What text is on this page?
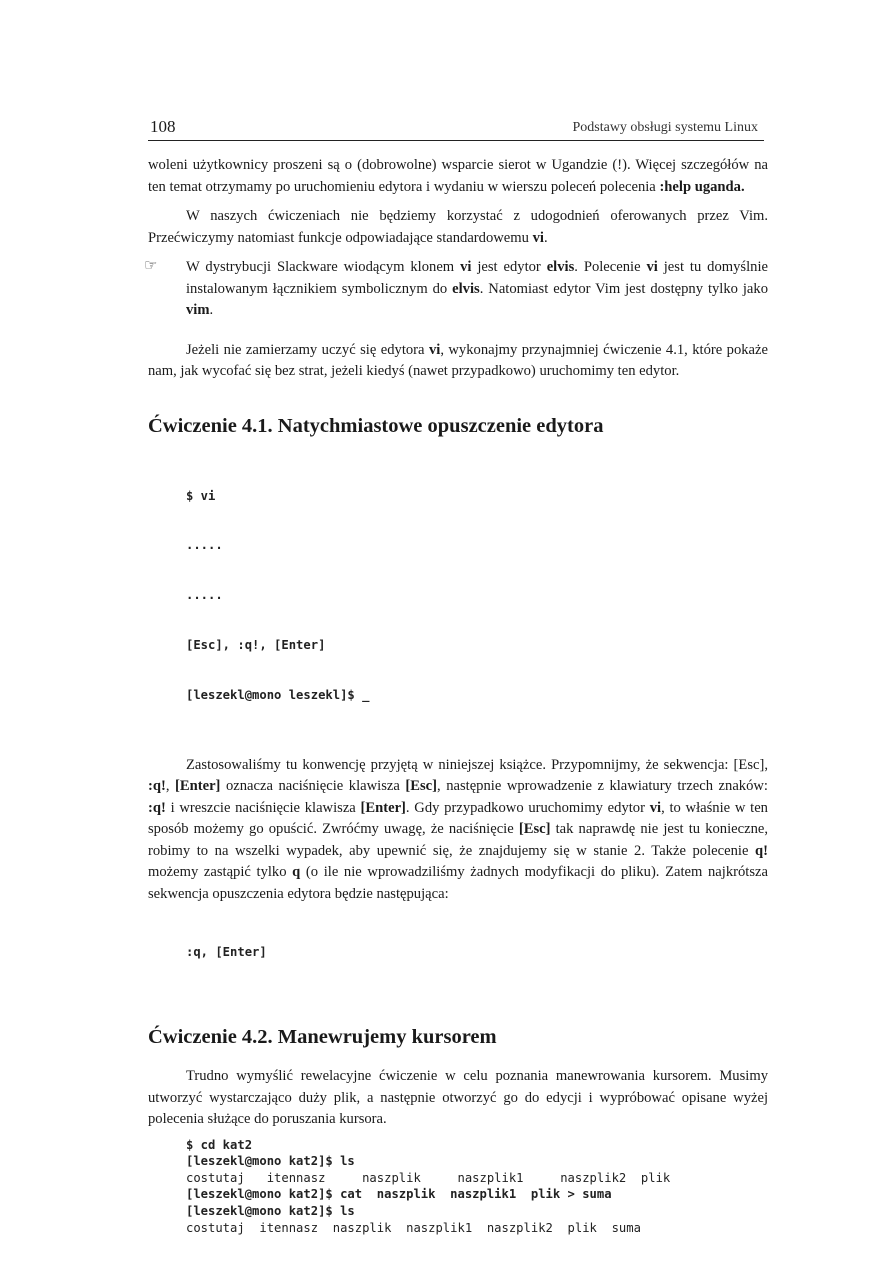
108	Podstawy obsługi systemu Linux

woleni użytkownicy proszeni są o (dobrowolne) wsparcie sierot w Ugandzie (!). Więcej szczegółów na ten temat otrzymamy po uruchomieniu edytora i wydaniu w wierszu poleceń polecenia :help uganda.

W naszych ćwiczeniach nie będziemy korzystać z udogodnień oferowanych przez Vim. Przećwiczymy natomiast funkcje odpowiadające standardowemu vi.

☞ W dystrybucji Slackware wiodącym klonem vi jest edytor elvis. Polecenie vi jest tu domyślnie instalowanym łącznikiem symbolicznym do elvis. Natomiast edytor Vim jest dostępny tylko jako vim.

Jeżeli nie zamierzamy uczyć się edytora vi, wykonajmy przynajmniej ćwiczenie 4.1, które pokaże nam, jak wycofać się bez strat, jeżeli kiedyś (nawet przypadkowo) uruchomimy ten edytor.

Ćwiczenie 4.1. Natychmiastowe opuszczenie edytora

$ vi

.....

.....

[Esc], :q!, [Enter]

[leszekl@mono leszekl]$ _

Zastosowaliśmy tu konwencję przyjętą w niniejszej książce. Przypomnijmy, że sekwencja: [Esc], :q!, [Enter] oznacza naciśnięcie klawisza [Esc], następnie wprowadzenie z klawiatury trzech znaków: :q! i wreszcie naciśnięcie klawisza [Enter]. Gdy przypadkowo uruchomimy edytor vi, to właśnie w ten sposób możemy go opuścić. Zwróćmy uwagę, że naciśnięcie [Esc] tak naprawdę nie jest tu konieczne, robimy to na wszelki wypadek, aby upewnić się, że znajdujemy się w stanie 2. Także polecenie q! możemy zastąpić tylko q (o ile nie wprowadziliśmy żadnych modyfikacji do pliku). Zatem najkrótsza sekwencja opuszczenia edytora będzie następująca:

:q, [Enter]

Ćwiczenie 4.2. Manewrujemy kursorem

Trudno wymyślić rewelacyjne ćwiczenie w celu poznania manewrowania kursorem. Musimy utworzyć wystarczająco duży plik, a następnie otworzyć go do edycji i wypróbować opisane wyżej polecenia służące do poruszania kursora.

$ cd kat2
[leszekl@mono kat2]$ ls
costutaj   itennasz     naszplik     naszplik1     naszplik2  plik
[leszekl@mono kat2]$ cat  naszplik  naszplik1  plik > suma
[leszekl@mono kat2]$ ls
costutaj  itennasz  naszplik  naszplik1  naszplik2  plik  suma
